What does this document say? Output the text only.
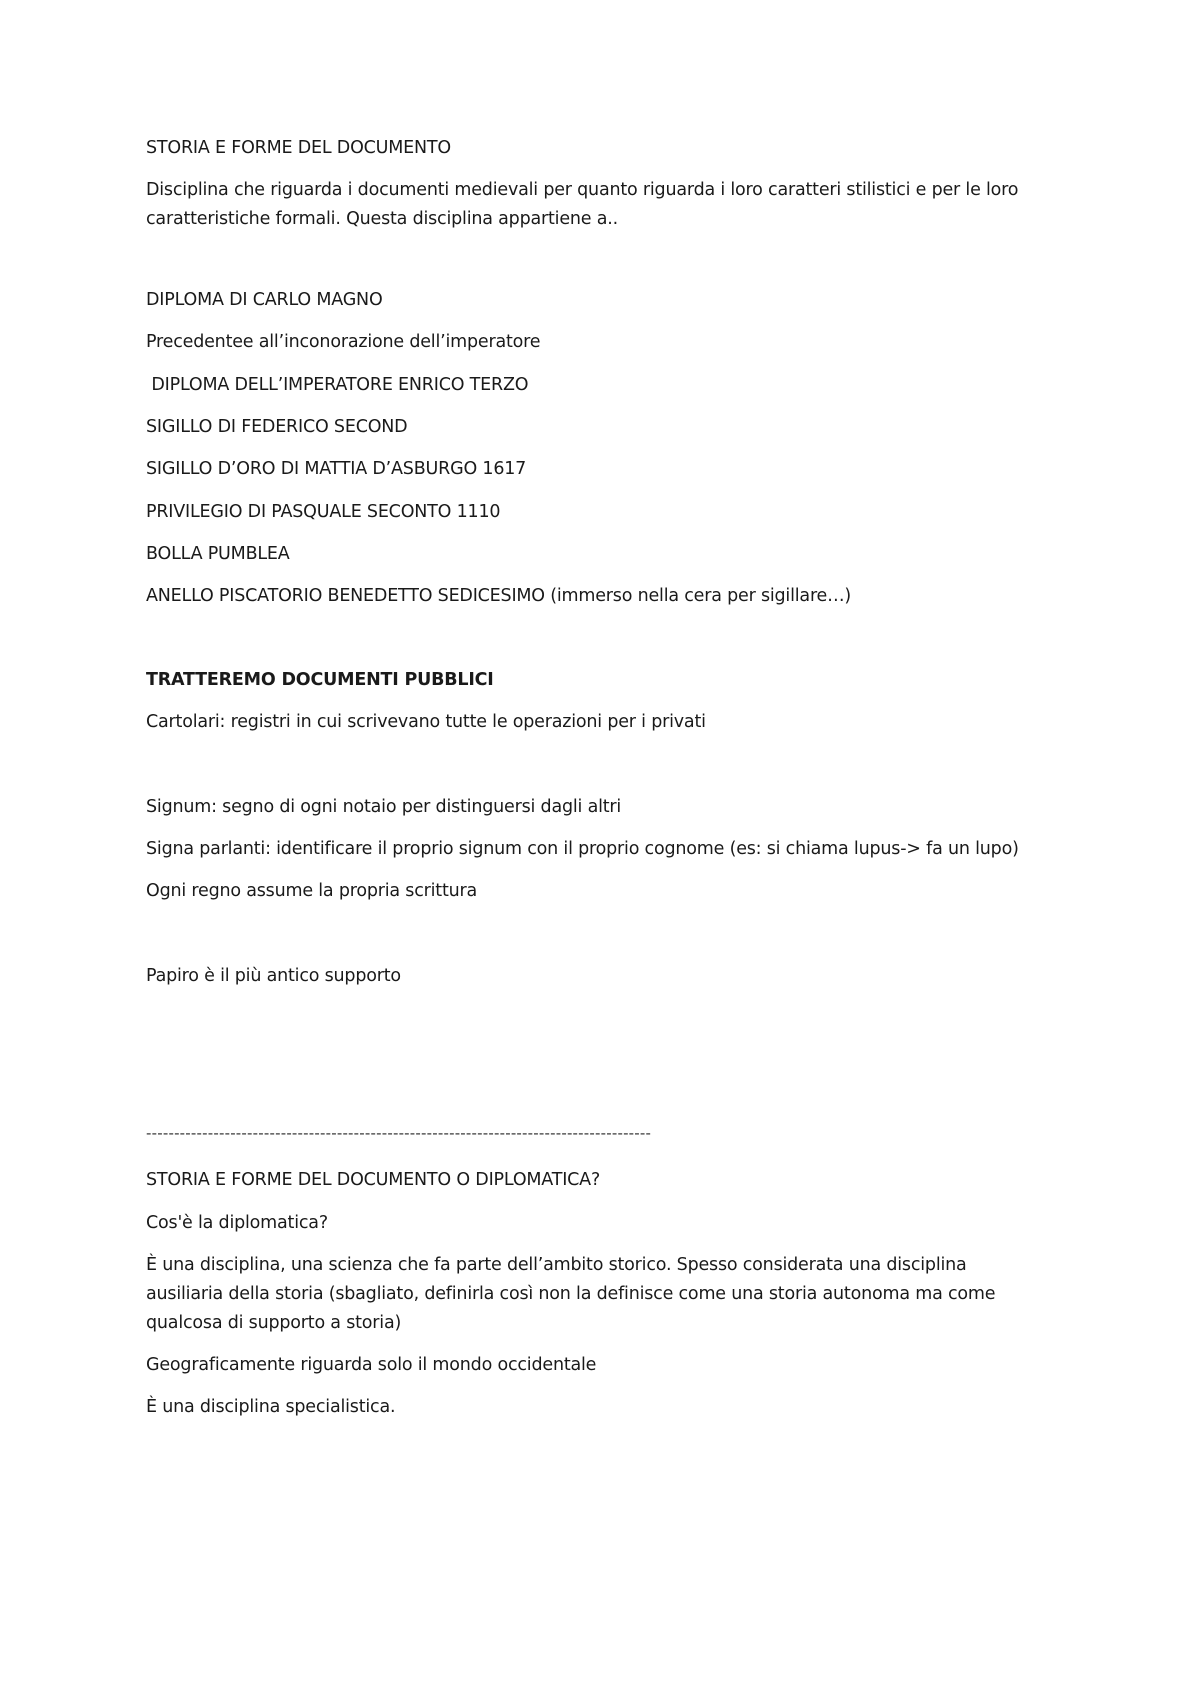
STORIA E FORME DEL DOCUMENTO
Disciplina che riguarda i documenti medievali per quanto riguarda i loro caratteri stilistici e per le loro caratteristiche formali. Questa disciplina appartiene a..
DIPLOMA DI CARLO MAGNO
Precedentee all’inconorazione dell’imperatore
DIPLOMA DELL’IMPERATORE ENRICO TERZO
SIGILLO DI FEDERICO SECOND
SIGILLO D’ORO DI MATTIA D’ASBURGO 1617
PRIVILEGIO DI PASQUALE SECONTO 1110
BOLLA PUMBLEA
ANELLO PISCATORIO BENEDETTO SEDICESIMO (immerso nella cera per sigillare…)
TRATTEREMO DOCUMENTI PUBBLICI
Cartolari: registri in cui scrivevano tutte le operazioni per i privati
Signum: segno di ogni notaio per distinguersi dagli altri
Signa parlanti: identificare il proprio signum con il proprio cognome (es: si chiama lupus-> fa un lupo)
Ogni regno assume la propria scrittura
Papiro è il più antico supporto
------------------------------------------------------------------------------------------
STORIA E FORME DEL DOCUMENTO O DIPLOMATICA?
Cos'è la diplomatica?
È una disciplina, una scienza che fa parte dell’ambito storico. Spesso considerata una disciplina ausiliaria della storia (sbagliato, definirla così non la definisce come una storia autonoma ma come qualcosa di supporto a storia)
Geograficamente riguarda solo il mondo occidentale
È una disciplina specialistica.
